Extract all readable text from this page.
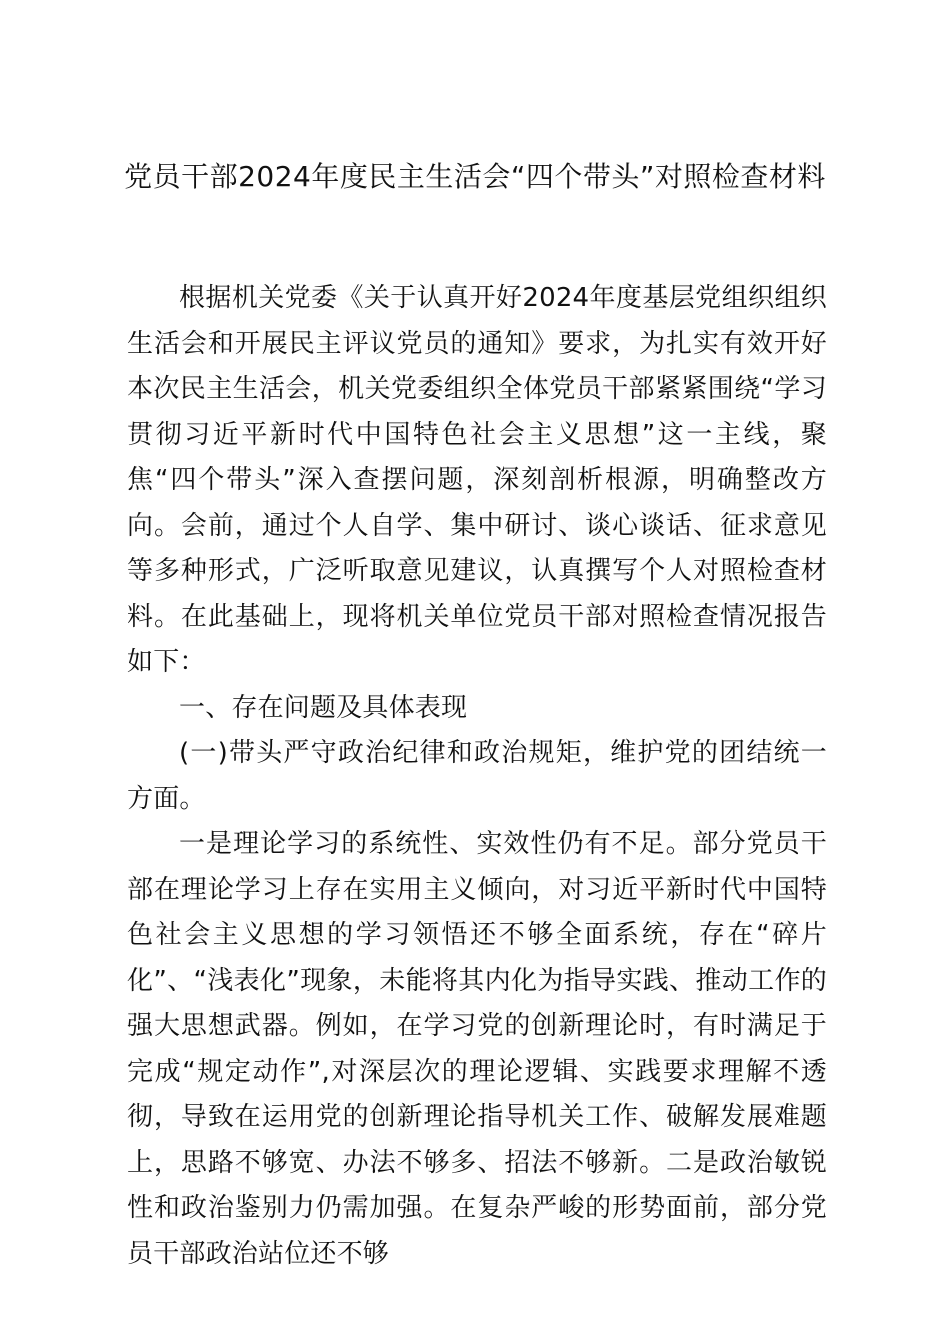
党员干部2024年度民主生活会“四个带头”对照检查材料

根据机关党委《关于认真开好2024年度基层党组织组织生活会和开展民主评议党员的通知》要求，为扎实有效开好本次民主生活会，机关党委组织全体党员干部紧紧围绕“学习贯彻习近平新时代中国特色社会主义思想”这一主线，聚焦“四个带头”深入查摆问题，深刻剖析根源，明确整改方向。会前，通过个人自学、集中研讨、谈心谈话、征求意见等多种形式，广泛听取意见建议，认真撰写个人对照检查材料。在此基础上，现将机关单位党员干部对照检查情况报告如下：

一、存在问题及具体表现

(一)带头严守政治纪律和政治规矩，维护党的团结统一方面。

一是理论学习的系统性、实效性仍有不足。部分党员干部在理论学习上存在实用主义倾向，对习近平新时代中国特色社会主义思想的学习领悟还不够全面系统，存在“碎片化”、“浅表化”现象，未能将其内化为指导实践、推动工作的强大思想武器。例如，在学习党的创新理论时，有时满足于完成“规定动作”,对深层次的理论逻辑、实践要求理解不透彻，导致在运用党的创新理论指导机关工作、破解发展难题上，思路不够宽、办法不够多、招法不够新。二是政治敏锐性和政治鉴别力仍需加强。在复杂严峻的形势面前，部分党员干部政治站位还不够
